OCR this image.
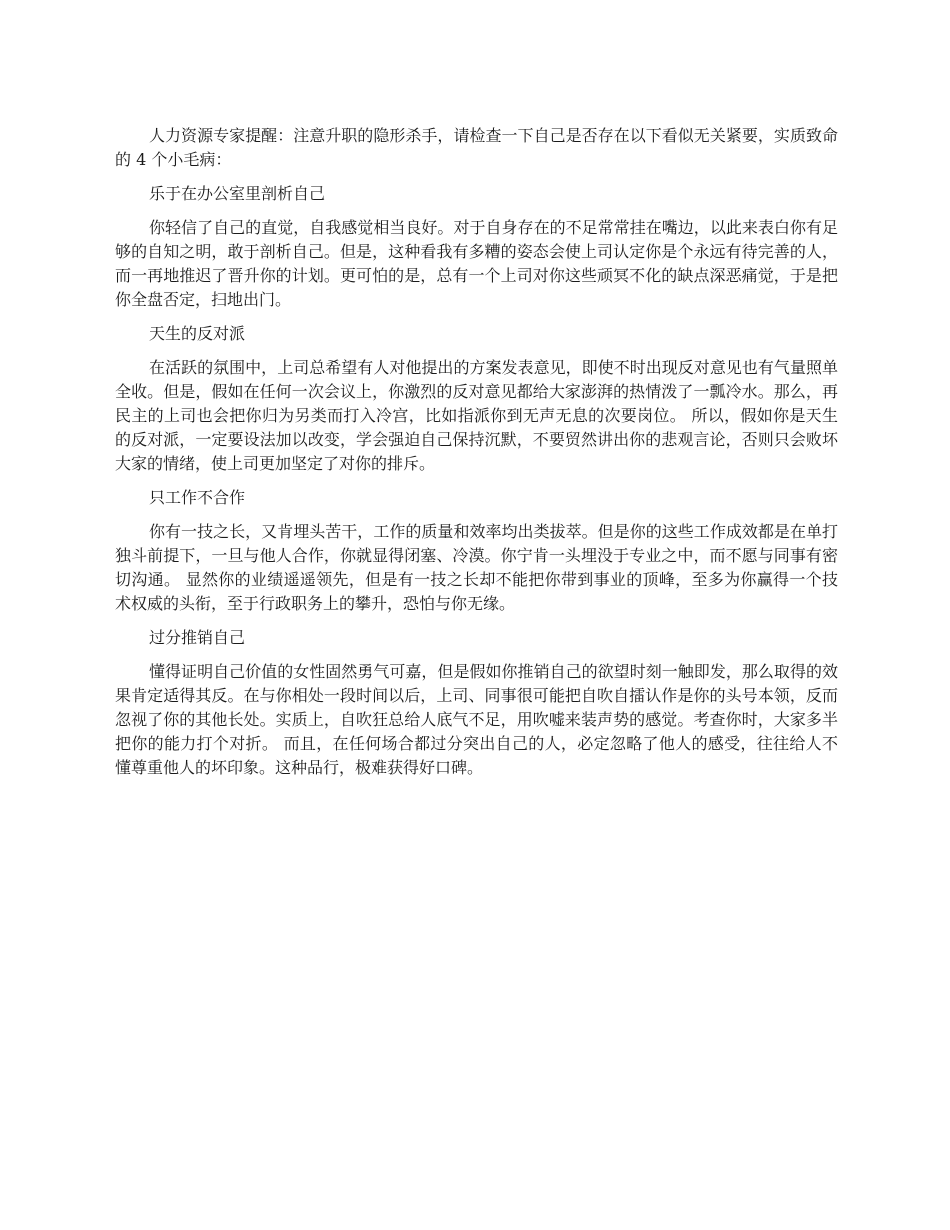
人力资源专家提醒：注意升职的隐形杀手，请检查一下自己是否存在以下看似无关紧要，实质致命的 4 个小毛病：

乐于在办公室里剖析自己

你轻信了自己的直觉，自我感觉相当良好。对于自身存在的不足常常挂在嘴边，以此来表白你有足够的自知之明，敢于剖析自己。但是，这种看我有多糟的姿态会使上司认定你是个永远有待完善的人，而一再地推迟了晋升你的计划。更可怕的是，总有一个上司对你这些顽冥不化的缺点深恶痛觉，于是把你全盘否定，扫地出门。

天生的反对派

在活跃的氛围中，上司总希望有人对他提出的方案发表意见，即使不时出现反对意见也有气量照单全收。但是，假如在任何一次会议上，你激烈的反对意见都给大家澎湃的热情泼了一瓢冷水。那么，再民主的上司也会把你归为另类而打入冷宫，比如指派你到无声无息的次要岗位。 所以，假如你是天生的反对派，一定要设法加以改变，学会强迫自己保持沉默，不要贸然讲出你的悲观言论，否则只会败坏大家的情绪，使上司更加坚定了对你的排斥。

只工作不合作

你有一技之长，又肯埋头苦干，工作的质量和效率均出类拔萃。但是你的这些工作成效都是在单打独斗前提下，一旦与他人合作，你就显得闭塞、冷漠。你宁肯一头埋没于专业之中，而不愿与同事有密切沟通。 显然你的业绩遥遥领先，但是有一技之长却不能把你带到事业的顶峰，至多为你赢得一个技术权威的头衔，至于行政职务上的攀升，恐怕与你无缘。

过分推销自己

懂得证明自己价值的女性固然勇气可嘉，但是假如你推销自己的欲望时刻一触即发，那么取得的效果肯定适得其反。在与你相处一段时间以后，上司、同事很可能把自吹自擂认作是你的头号本领，反而忽视了你的其他长处。实质上，自吹狂总给人底气不足，用吹嘘来装声势的感觉。考查你时，大家多半把你的能力打个对折。 而且，在任何场合都过分突出自己的人，必定忽略了他人的感受，往往给人不懂尊重他人的坏印象。这种品行，极难获得好口碑。
